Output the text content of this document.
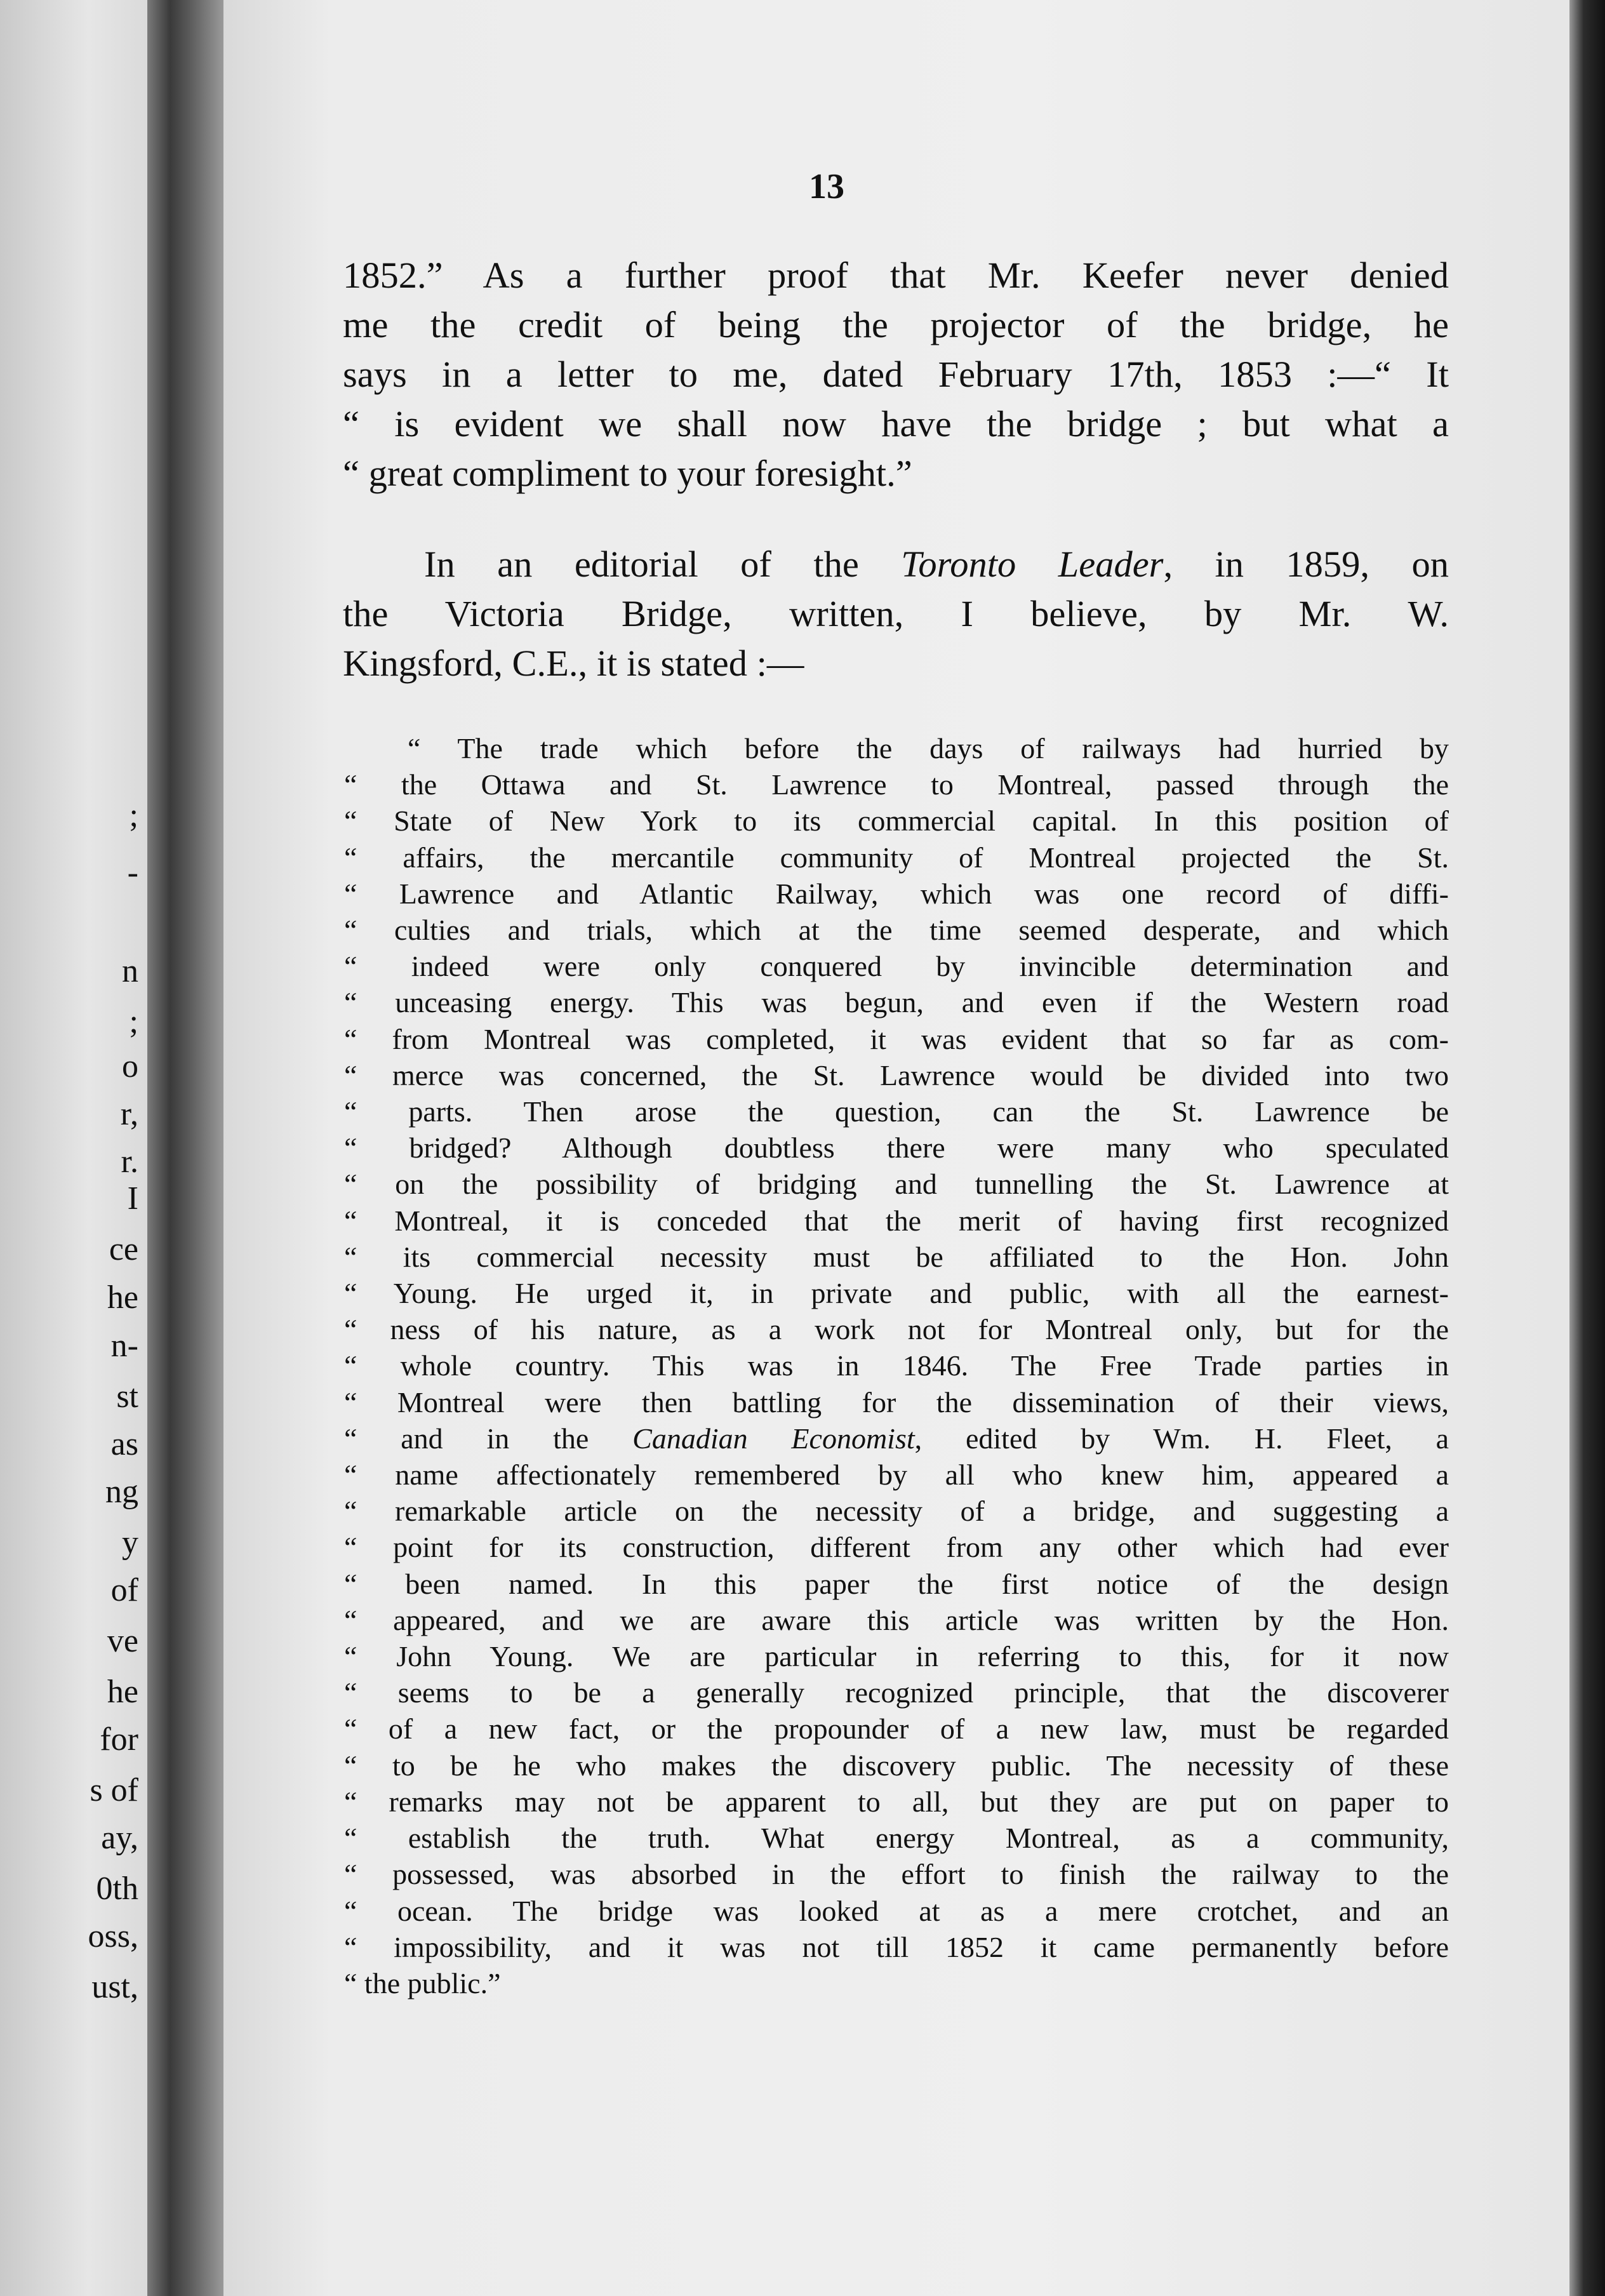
;
-
n
;
o
r,
r.
I
ce
he
n-
st
as
ng
y
of
ve
he
for
s of
ay,
0th
oss,
ust,
13
1852.” As a further proof that Mr. Keefer never denied
me the credit of being the projector of the bridge, he
says in a letter to me, dated February 17th, 1853 :—“ It
“ is evident we shall now have the bridge ; but what a
“ great compliment to your foresight.”
In an editorial of the Toronto Leader, in 1859, on
the Victoria Bridge, written, I believe, by Mr. W.
Kingsford, C.E., it is stated :—
“ The trade which before the days of railways had hurried by
“ the Ottawa and St. Lawrence to Montreal, passed through the
“ State of New York to its commercial capital. In this position of
“ affairs, the mercantile community of Montreal projected the St.
“ Lawrence and Atlantic Railway, which was one record of diffi-
“ culties and trials, which at the time seemed desperate, and which
“ indeed were only conquered by invincible determination and
“ unceasing energy. This was begun, and even if the Western road
“ from Montreal was completed, it was evident that so far as com-
“ merce was concerned, the St. Lawrence would be divided into two
“ parts. Then arose the question, can the St. Lawrence be
“ bridged? Although doubtless there were many who speculated
“ on the possibility of bridging and tunnelling the St. Lawrence at
“ Montreal, it is conceded that the merit of having first recognized
“ its commercial necessity must be affiliated to the Hon. John
“ Young. He urged it, in private and public, with all the earnest-
“ ness of his nature, as a work not for Montreal only, but for the
“ whole country. This was in 1846. The Free Trade parties in
“ Montreal were then battling for the dissemination of their views,
“ and in the Canadian Economist, edited by Wm. H. Fleet, a
“ name affectionately remembered by all who knew him, appeared a
“ remarkable article on the necessity of a bridge, and suggesting a
“ point for its construction, different from any other which had ever
“ been named. In this paper the first notice of the design
“ appeared, and we are aware this article was written by the Hon.
“ John Young. We are particular in referring to this, for it now
“ seems to be a generally recognized principle, that the discoverer
“ of a new fact, or the propounder of a new law, must be regarded
“ to be he who makes the discovery public. The necessity of these
“ remarks may not be apparent to all, but they are put on paper to
“ establish the truth. What energy Montreal, as a community,
“ possessed, was absorbed in the effort to finish the railway to the
“ ocean. The bridge was looked at as a mere crotchet, and an
“ impossibility, and it was not till 1852 it came permanently before
“ the public.”
